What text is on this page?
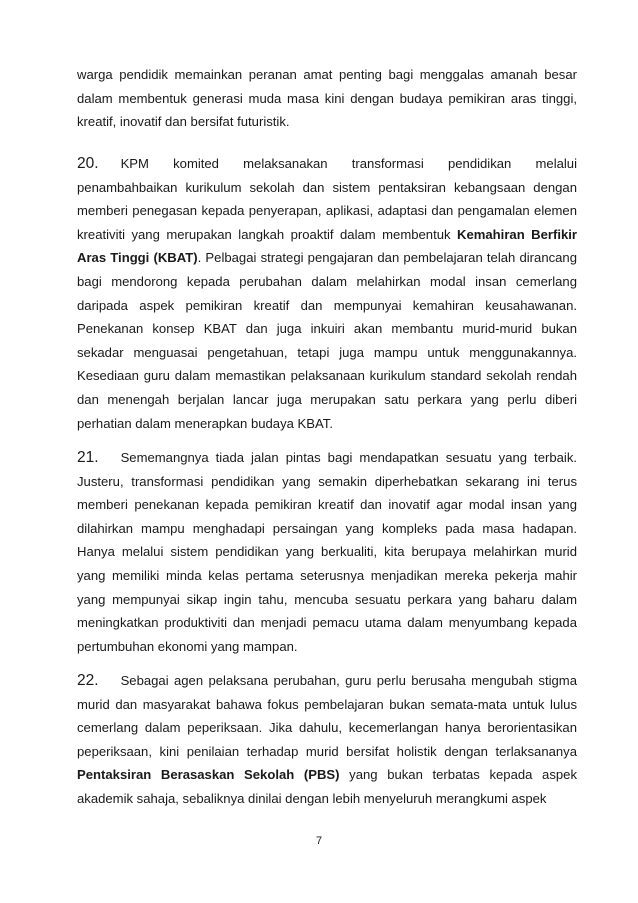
warga pendidik memainkan peranan amat penting bagi menggalas amanah besar dalam membentuk generasi muda masa kini dengan budaya pemikiran aras tinggi, kreatif, inovatif dan bersifat futuristik.

20. KPM komited melaksanakan transformasi pendidikan melalui penambahbaikan kurikulum sekolah dan sistem pentaksiran kebangsaan dengan memberi penegasan kepada penyerapan, aplikasi, adaptasi dan pengamalan elemen kreativiti yang merupakan langkah proaktif dalam membentuk Kemahiran Berfikir Aras Tinggi (KBAT). Pelbagai strategi pengajaran dan pembelajaran telah dirancang bagi mendorong kepada perubahan dalam melahirkan modal insan cemerlang daripada aspek pemikiran kreatif dan mempunyai kemahiran keusahawanan. Penekanan konsep KBAT dan juga inkuiri akan membantu murid-murid bukan sekadar menguasai pengetahuan, tetapi juga mampu untuk menggunakannya. Kesediaan guru dalam memastikan pelaksanaan kurikulum standard sekolah rendah dan menengah berjalan lancar juga merupakan satu perkara yang perlu diberi perhatian dalam menerapkan budaya KBAT.

21. Sememangnya tiada jalan pintas bagi mendapatkan sesuatu yang terbaik. Justeru, transformasi pendidikan yang semakin diperhebatkan sekarang ini terus memberi penekanan kepada pemikiran kreatif dan inovatif agar modal insan yang dilahirkan mampu menghadapi persaingan yang kompleks pada masa hadapan. Hanya melalui sistem pendidikan yang berkualiti, kita berupaya melahirkan murid yang memiliki minda kelas pertama seterusnya menjadikan mereka pekerja mahir yang mempunyai sikap ingin tahu, mencuba sesuatu perkara yang baharu dalam meningkatkan produktiviti dan menjadi pemacu utama dalam menyumbang kepada pertumbuhan ekonomi yang mampan.

22. Sebagai agen pelaksana perubahan, guru perlu berusaha mengubah stigma murid dan masyarakat bahawa fokus pembelajaran bukan semata-mata untuk lulus cemerlang dalam peperiksaan. Jika dahulu, kecemerlangan hanya berorientasikan peperiksaan, kini penilaian terhadap murid bersifat holistik dengan terlaksananya Pentaksiran Berasaskan Sekolah (PBS) yang bukan terbatas kepada aspek akademik sahaja, sebaliknya dinilai dengan lebih menyeluruh merangkumi aspek

7
